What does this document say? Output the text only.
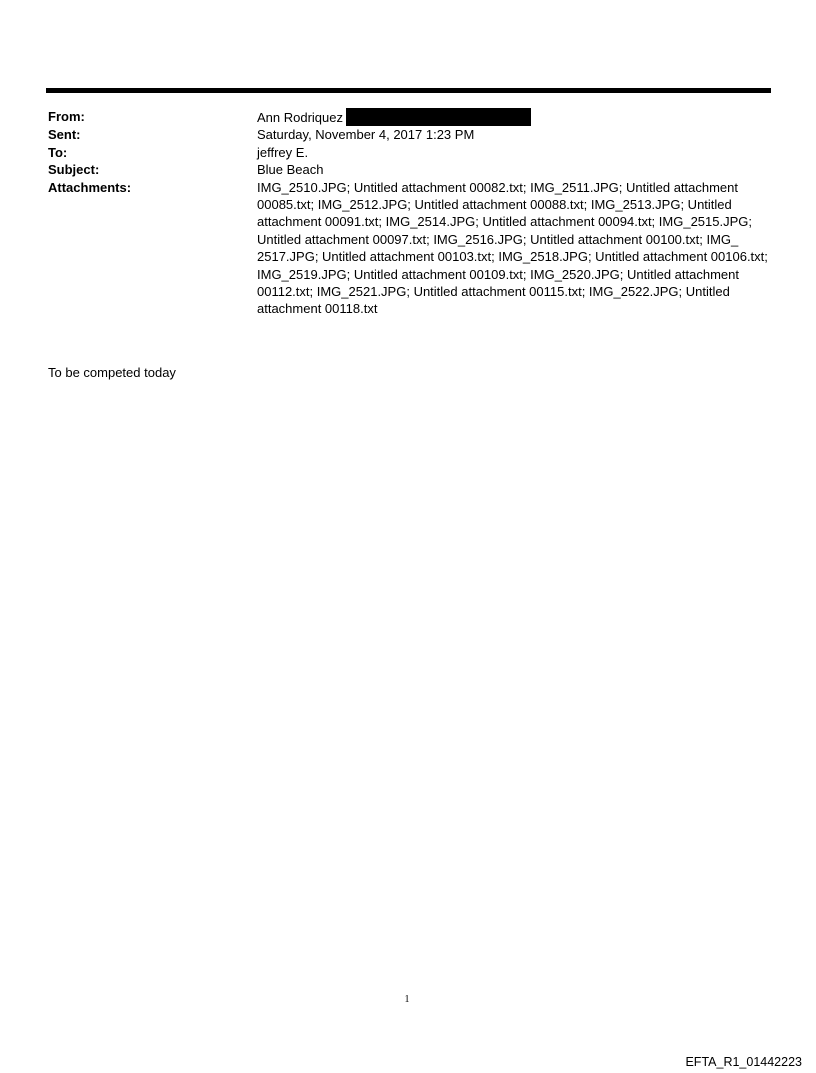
From:	Ann Rodriquez
Sent:	Saturday, November 4, 2017 1:23 PM
To:	jeffrey E.
Subject:	Blue Beach
Attachments:	IMG_2510.JPG; Untitled attachment 00082.txt; IMG_2511.JPG; Untitled attachment 00085.txt; IMG_2512.JPG; Untitled attachment 00088.txt; IMG_2513.JPG; Untitled attachment 00091.txt; IMG_2514.JPG; Untitled attachment 00094.txt; IMG_2515.JPG; Untitled attachment 00097.txt; IMG_2516.JPG; Untitled attachment 00100.txt; IMG_ 2517.JPG; Untitled attachment 00103.txt; IMG_2518.JPG; Untitled attachment 00106.txt; IMG_2519.JPG; Untitled attachment 00109.txt; IMG_2520.JPG; Untitled attachment 00112.txt; IMG_2521.JPG; Untitled attachment 00115.txt; IMG_2522.JPG; Untitled attachment 00118.txt
To be competed today
1
EFTA_R1_01442223
